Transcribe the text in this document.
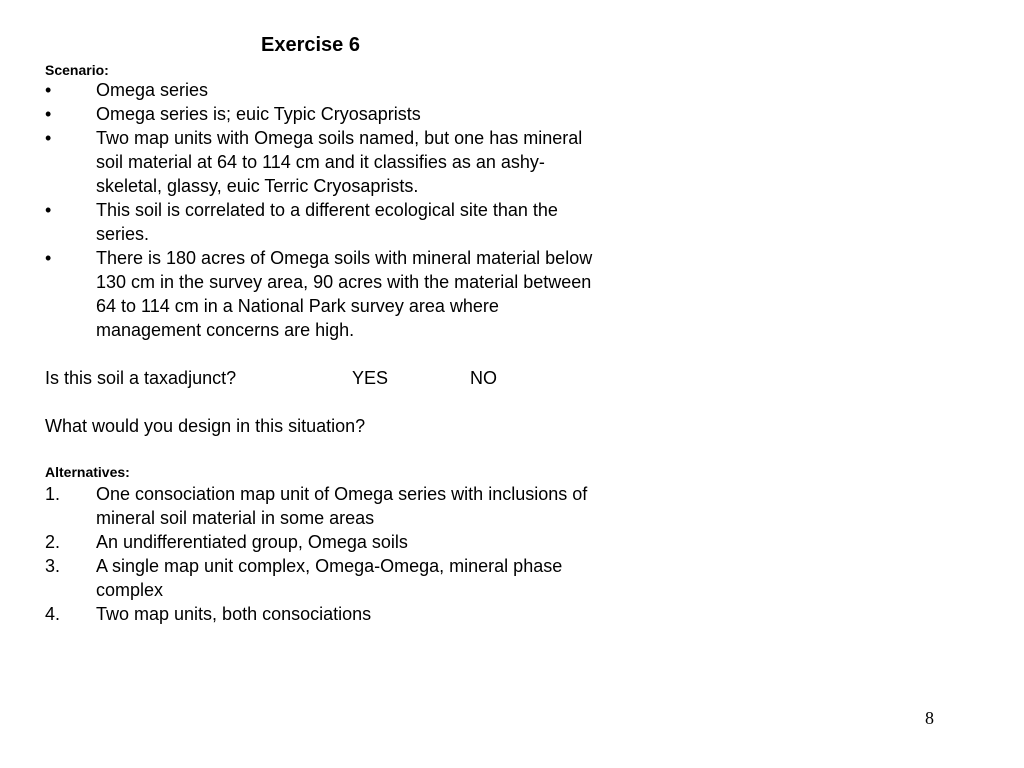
Exercise 6
Scenario:
• Omega series
• Omega series is; euic Typic Cryosaprists
• Two map units with Omega soils named, but one has mineral soil material at 64 to 114 cm and it classifies as an ashy-skeletal, glassy, euic Terric Cryosaprists.
• This soil is correlated to a different ecological site than the series.
• There is 180 acres of Omega soils with mineral material below 130 cm in the survey area, 90 acres with the material between 64 to 114 cm in a National Park survey area where management concerns are high.
Is this soil a taxadjunct?	YES	NO
What would you design in this situation?
Alternatives:
1. One consociation map unit of Omega series with inclusions of mineral soil material in some areas
2. An undifferentiated group, Omega soils
3. A single map unit complex, Omega-Omega, mineral phase complex
4. Two map units, both consociations
8
